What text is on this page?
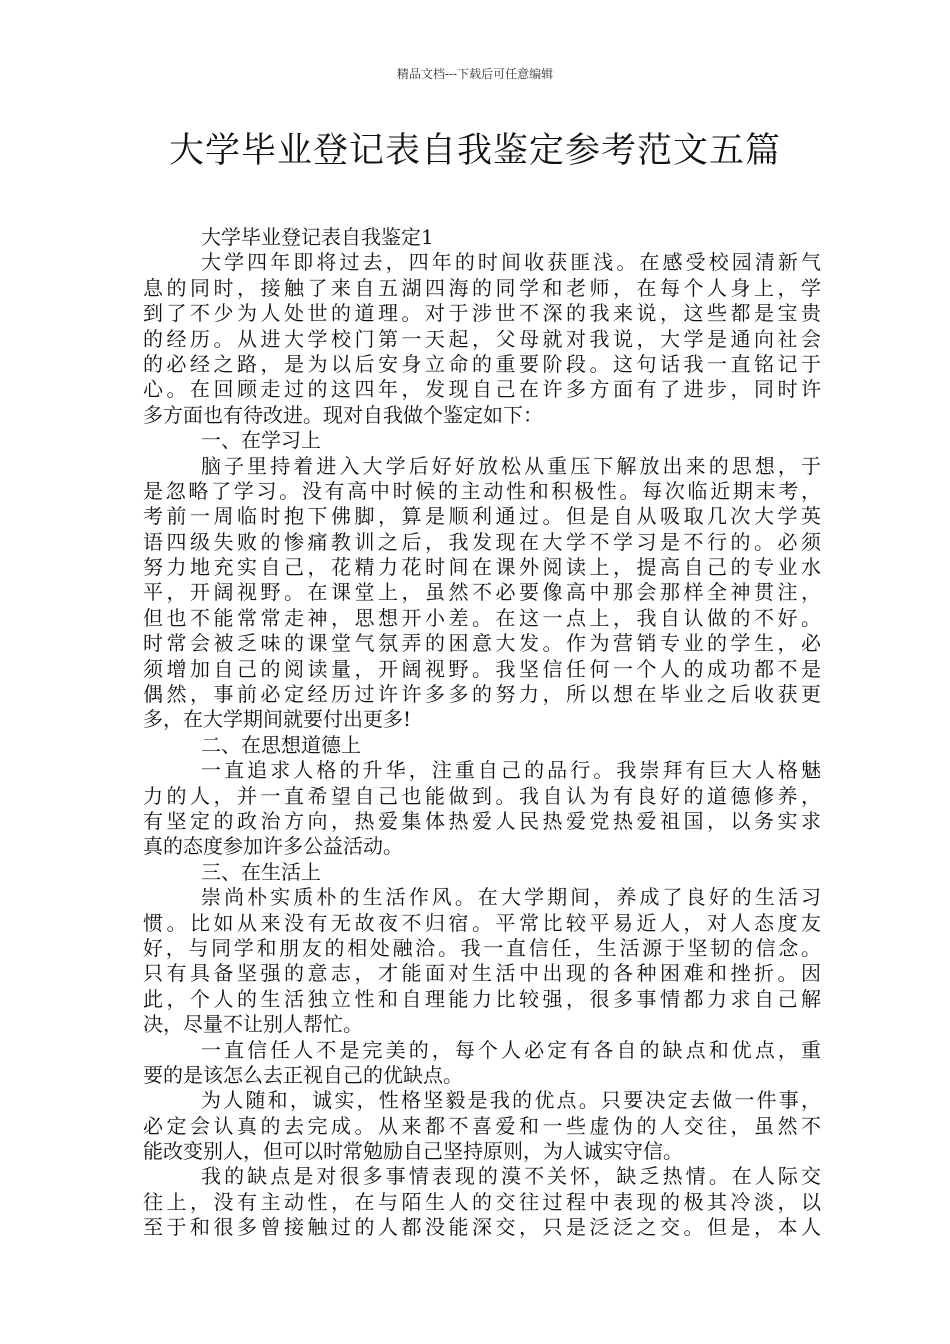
精品文档---下载后可任意编辑
大学毕业登记表自我鉴定参考范文五篇
大学毕业登记表自我鉴定1
大学四年即将过去，四年的时间收获匪浅。在感受校园清新气
息的同时，接触了来自五湖四海的同学和老师，在每个人身上，学
到了不少为人处世的道理。对于涉世不深的我来说，这些都是宝贵
的经历。从进大学校门第一天起，父母就对我说，大学是通向社会
的必经之路，是为以后安身立命的重要阶段。这句话我一直铭记于
心。在回顾走过的这四年，发现自己在许多方面有了进步，同时许
多方面也有待改进。现对自我做个鉴定如下：
一、在学习上
脑子里持着进入大学后好好放松从重压下解放出来的思想，于
是忽略了学习。没有高中时候的主动性和积极性。每次临近期末考，
考前一周临时抱下佛脚，算是顺利通过。但是自从吸取几次大学英
语四级失败的惨痛教训之后，我发现在大学不学习是不行的。必须
努力地充实自己，花精力花时间在课外阅读上，提高自己的专业水
平，开阔视野。在课堂上，虽然不必要像高中那会那样全神贯注，
但也不能常常走神，思想开小差。在这一点上，我自认做的不好。
时常会被乏味的课堂气氛弄的困意大发。作为营销专业的学生，必
须增加自己的阅读量，开阔视野。我坚信任何一个人的成功都不是
偶然，事前必定经历过许许多多的努力，所以想在毕业之后收获更
多，在大学期间就要付出更多!
二、在思想道德上
一直追求人格的升华，注重自己的品行。我崇拜有巨大人格魅
力的人，并一直希望自己也能做到。我自认为有良好的道德修养，
有坚定的政治方向，热爱集体热爱人民热爱党热爱祖国，以务实求
真的态度参加许多公益活动。
三、在生活上
崇尚朴实质朴的生活作风。在大学期间，养成了良好的生活习
惯。比如从来没有无故夜不归宿。平常比较平易近人，对人态度友
好，与同学和朋友的相处融洽。我一直信任，生活源于坚韧的信念。
只有具备坚强的意志，才能面对生活中出现的各种困难和挫折。因
此，个人的生活独立性和自理能力比较强，很多事情都力求自己解
决，尽量不让别人帮忙。
一直信任人不是完美的，每个人必定有各自的缺点和优点，重
要的是该怎么去正视自己的优缺点。
为人随和，诚实，性格坚毅是我的优点。只要决定去做一件事，
必定会认真的去完成。从来都不喜爱和一些虚伪的人交往，虽然不
能改变别人，但可以时常勉励自己坚持原则，为人诚实守信。
我的缺点是对很多事情表现的漠不关怀，缺乏热情。在人际交
往上，没有主动性，在与陌生人的交往过程中表现的极其冷淡，以
至于和很多曾接触过的人都没能深交，只是泛泛之交。但是，本人
